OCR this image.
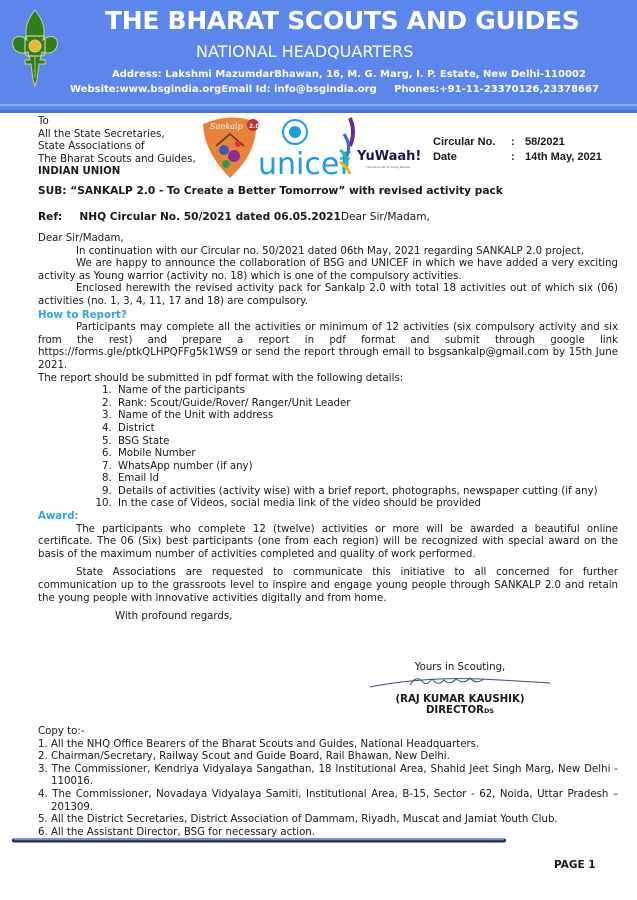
THE BHARAT SCOUTS AND GUIDES
NATIONAL HEADQUARTERS
Address: Lakshmi MazumdarBhawan, 16, M. G. Marg, I. P. Estate, New Delhi-110002
Website:www.bsgindia.orgEmail Id: info@bsgindia.org     Phones:+91-11-23370126,23378667
To
All the State Secretaries,
State Associations of
The Bharat Scouts and Guides,
INDIAN UNION
Sankalp 2.0
unicef YuWaah!
The Personal of Young People
Circular No.	: 58/2021
Date	: 14th May, 2021
SUB: “SANKALP 2.0 - To Create a Better Tomorrow” with revised activity pack
Ref: NHQ Circular No. 50/2021 dated 06.05.2021Dear Sir/Madam,

Dear Sir/Madam,

In continuation with our Circular no. 50/2021 dated 06th May, 2021 regarding SANKALP 2.0 project,

We are happy to announce the collaboration of BSG and UNICEF in which we have added a very exciting activity as Young warrior (activity no. 18) which is one of the compulsory activities.

Enclosed herewith the revised activity pack for Sankalp 2.0 with total 18 activities out of which six (06) activities (no. 1, 3, 4, 11, 17 and 18) are compulsory.

How to Report?

Participants may complete all the activities or minimum of 12 activities (six compulsory activity and six from the rest) and prepare a report in pdf format and submit through google link https://forms.gle/ptkQLHPQFFg5k1WS9 or send the report through email to bsgsankalp@gmail.com by 15th June 2021.

The report should be submitted in pdf format with the following details:

1. Name of the participants
2. Rank: Scout/Guide/Rover/ Ranger/Unit Leader
3. Name of the Unit with address
4. District
5. BSG State
6. Mobile Number
7. WhatsApp number (if any)
8. Email Id
9. Details of activities (activity wise) with a brief report, photographs, newspaper cutting (if any)
10. In the case of Videos, social media link of the video should be provided
Award:

The participants who complete 12 (twelve) activities or more will be awarded a beautiful online certificate. The 06 (Six) best participants (one from each region) will be recognized with special award on the basis of the maximum number of activities completed and quality of work performed.

State Associations are requested to communicate this initiative to all concerned for further communication up to the grassroots level to inspire and engage young people through SANKALP 2.0 and retain the young people with innovative activities digitally and from home.

With profound regards,

Yours in Scouting,
(RAJ KUMAR KAUSHIK)
DIRECTORDS
Copy to:-
1. All the NHQ Office Bearers of the Bharat Scouts and Guides, National Headquarters.
2. Chairman/Secretary, Railway Scout and Guide Board, Rail Bhawan, New Delhi.
3. The Commissioner, Kendriya Vidyalaya Sangathan, 18 Institutional Area, Shahid Jeet Singh Marg, New Delhi - 110016.
4. The Commissioner, Novadaya Vidyalaya Samiti, Institutional Area, B-15, Sector - 62, Noida, Uttar Pradesh – 201309.
5. All the District Secretaries, District Association of Dammam, Riyadh, Muscat and Jamiat Youth Club.
6. All the Assistant Director, BSG for necessary action.
PAGE 1
